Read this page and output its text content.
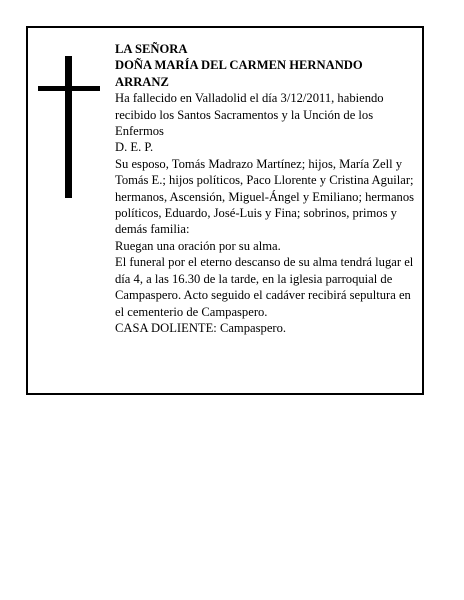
LA SEÑORA

DOÑA MARÍA DEL CARMEN HERNANDO ARRANZ

Ha fallecido en Valladolid el día 3/12/2011, habiendo recibido los Santos Sacramentos y la Unción de los Enfermos

D. E. P.

Su esposo, Tomás Madrazo Martínez; hijos, María Zell y Tomás E.; hijos políticos, Paco Llorente y Cristina Aguilar; hermanos, Ascensión, Miguel-Ángel y Emiliano; hermanos políticos, Eduardo, José-Luis y Fina; sobrinos, primos y demás familia:

Ruegan una oración por su alma.

El funeral por el eterno descanso de su alma tendrá lugar el día 4, a las 16.30 de la tarde, en la iglesia parroquial de Campaspero. Acto seguido el cadáver recibirá sepultura en el cementerio de Campaspero.

CASA DOLIENTE: Campaspero.
